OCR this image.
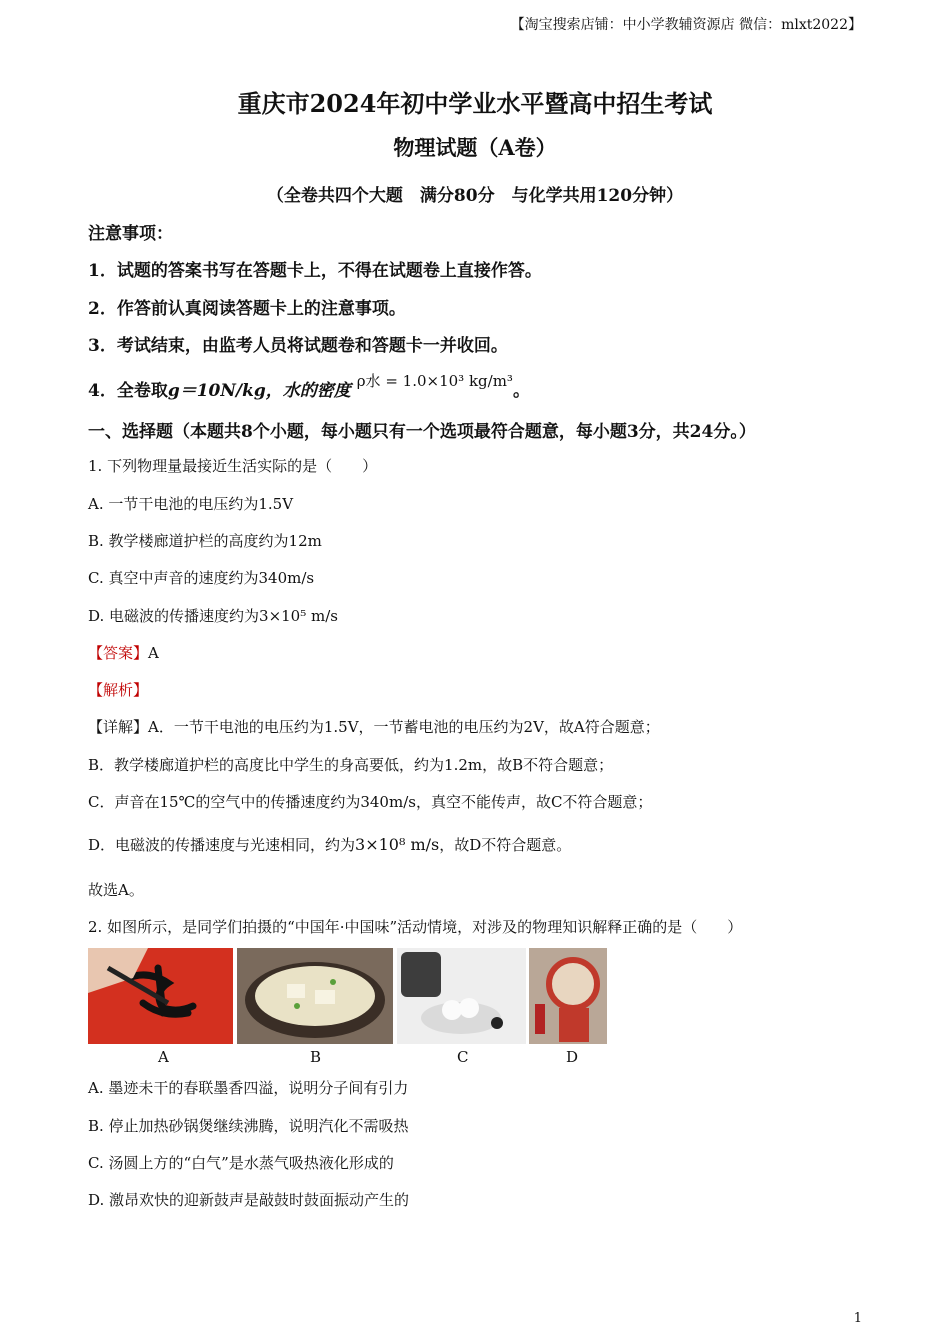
【淘宝搜索店铺：中小学教辅资源店 微信：mlxt2022】
重庆市2024年初中学业水平暨高中招生考试
物理试题（A卷）
（全卷共四个大题　满分80分　与化学共用120分钟）
注意事项：
1．试题的答案书写在答题卡上，不得在试题卷上直接作答。
2．作答前认真阅读答题卡上的注意事项。
3．考试结束，由监考人员将试题卷和答题卡一并收回。
4．全卷取g＝10N/kg，水的密度 ρ水 = 1.0×10³ kg/m³。
一、选择题（本题共8个小题，每小题只有一个选项最符合题意，每小题3分，共24分。）
1. 下列物理量最接近生活实际的是（　　）
A. 一节干电池的电压约为1.5V
B. 教学楼廊道护栏的高度约为12m
C. 真空中声音的速度约为340m/s
D. 电磁波的传播速度约为3×10⁵ m/s
【答案】A
【解析】
【详解】A．一节干电池的电压约为1.5V，一节蓄电池的电压约为2V，故A符合题意；
B．教学楼廊道护栏的高度比中学生的身高要低，约为1.2m，故B不符合题意；
C．声音在15℃的空气中的传播速度约为340m/s，真空不能传声，故C不符合题意；
D．电磁波的传播速度与光速相同，约为3×10⁸ m/s，故D不符合题意。
故选A。
2. 如图所示，是同学们拍摄的“中国年·中国味”活动情境，对涉及的物理知识解释正确的是（　　）
A	B	C	D
A. 墨迹未干的春联墨香四溢，说明分子间有引力
B. 停止加热砂锅煲继续沸腾，说明汽化不需吸热
C. 汤圆上方的“白气”是水蒸气吸热液化形成的
D. 激昂欢快的迎新鼓声是敲鼓时鼓面振动产生的
1
